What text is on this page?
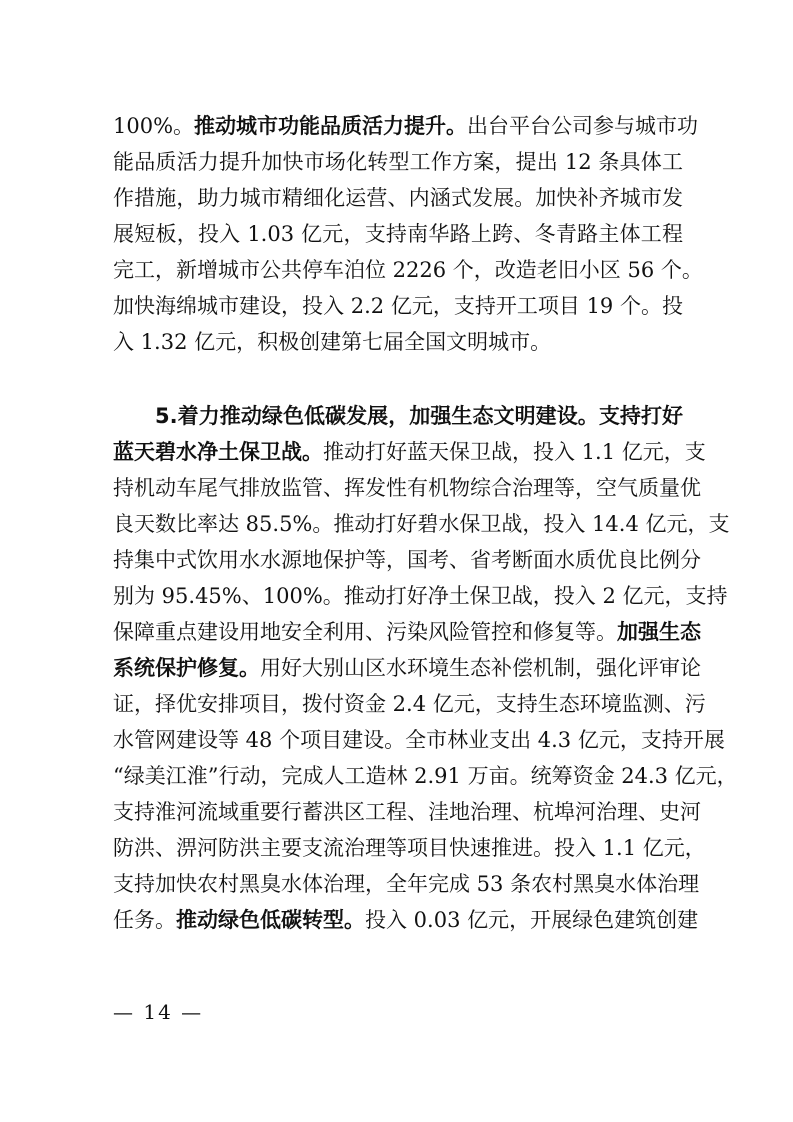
100%。推动城市功能品质活力提升。出台平台公司参与城市功
能品质活力提升加快市场化转型工作方案，提出 12 条具体工
作措施，助力城市精细化运营、内涵式发展。加快补齐城市发
展短板，投入 1.03 亿元，支持南华路上跨、冬青路主体工程
完工，新增城市公共停车泊位 2226 个，改造老旧小区 56 个。
加快海绵城市建设，投入 2.2 亿元，支持开工项目 19 个。投
入 1.32 亿元，积极创建第七届全国文明城市。
5.着力推动绿色低碳发展，加强生态文明建设。支持打好
蓝天碧水净土保卫战。推动打好蓝天保卫战，投入 1.1 亿元，支
持机动车尾气排放监管、挥发性有机物综合治理等，空气质量优
良天数比率达 85.5%。推动打好碧水保卫战，投入 14.4 亿元，支
持集中式饮用水水源地保护等，国考、省考断面水质优良比例分
别为 95.45%、100%。推动打好净土保卫战，投入 2 亿元，支持
保障重点建设用地安全利用、污染风险管控和修复等。加强生态
系统保护修复。用好大别山区水环境生态补偿机制，强化评审论
证，择优安排项目，拨付资金 2.4 亿元，支持生态环境监测、污
水管网建设等 48 个项目建设。全市林业支出 4.3 亿元，支持开展
“绿美江淮”行动，完成人工造林 2.91 万亩。统筹资金 24.3 亿元，
支持淮河流域重要行蓄洪区工程、洼地治理、杭埠河治理、史河
防洪、淠河防洪主要支流治理等项目快速推进。投入 1.1 亿元，
支持加快农村黑臭水体治理，全年完成 53 条农村黑臭水体治理
任务。推动绿色低碳转型。投入 0.03 亿元，开展绿色建筑创建
— 14 —
